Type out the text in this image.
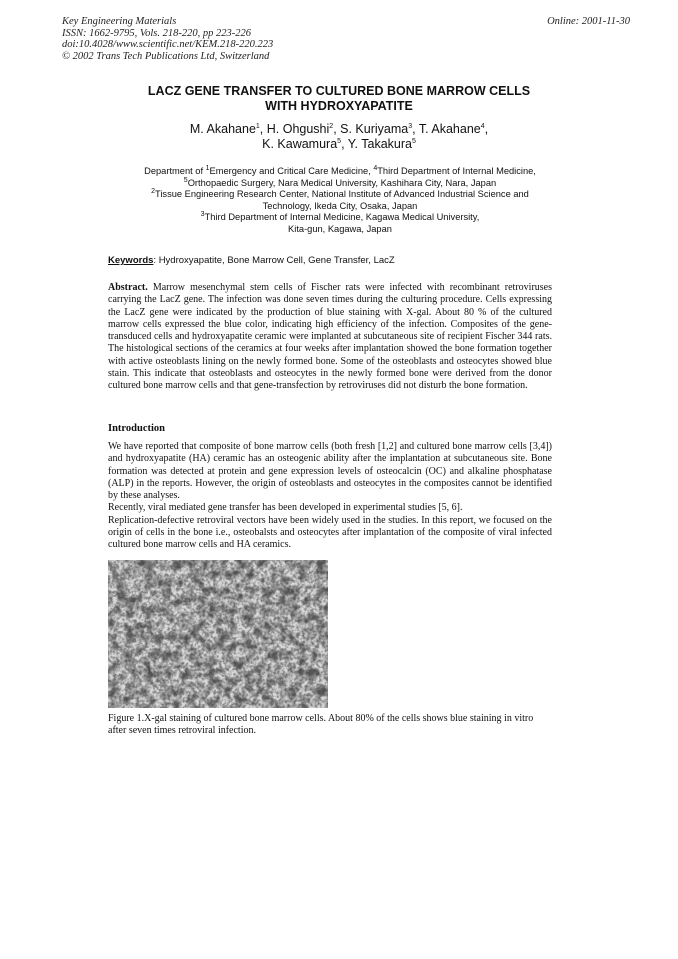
Key Engineering Materials
ISSN: 1662-9795, Vols. 218-220, pp 223-226
doi:10.4028/www.scientific.net/KEM.218-220.223
© 2002 Trans Tech Publications Ltd, Switzerland
Online: 2001-11-30
LACZ GENE TRANSFER TO CULTURED BONE MARROW CELLS
WITH HYDROXYAPATITE
M. Akahane$^1$, H. Ohgushi$^2$, S. Kuriyama$^3$, T. Akahane$^4$,
K. Kawamura$^5$, Y. Takakura$^5$
Department of $^1$Emergency and Critical Care Medicine, $^4$Third Department of Internal Medicine,
$^5$Orthopaedic Surgery, Nara Medical University, Kashihara City, Nara, Japan
$^2$Tissue Engineering Research Center, National Institute of Advanced Industrial Science and
Technology, Ikeda City, Osaka, Japan
$^3$Third Department of Internal Medicine, Kagawa Medical University,
Kita-gun, Kagawa, Japan
Keywords: Hydroxyapatite, Bone Marrow Cell, Gene Transfer, LacZ
Abstract. Marrow mesenchymal stem cells of Fischer rats were infected with recombinant retroviruses carrying the LacZ gene. The infection was done seven times during the culturing procedure. Cells expressing the LacZ gene were indicated by the production of blue staining with X-gal. About 80 % of the cultured marrow cells expressed the blue color, indicating high efficiency of the infection. Composites of the gene-transduced cells and hydroxyapatite ceramic were implanted at subcutaneous site of recipient Fischer 344 rats. The histological sections of the ceramics at four weeks after implantation showed the bone formation together with active osteoblasts lining on the newly formed bone. Some of the osteoblasts and osteocytes showed blue stain. This indicate that osteoblasts and osteocytes in the newly formed bone were derived from the donor cultured bone marrow cells and that gene-transfection by retroviruses did not disturb the bone formation.
Introduction

We have reported that composite of bone marrow cells (both fresh [1,2] and cultured bone marrow cells [3,4]) and hydroxyapatite (HA) ceramic has an osteogenic ability after the implantation at subcutaneous site. Bone formation was detected at protein and gene expression levels of osteocalcin (OC) and alkaline phosphatase (ALP) in the reports. However, the origin of osteoblasts and osteocytes in the composites cannot be identified by these analyses.

Recently, viral mediated gene transfer has been developed in experimental studies [5, 6].

Replication-defective retroviral vectors have been widely used in the studies. In this report, we focused on the origin of cells in the bone i.e., osteobalsts and osteocytes after implantation of the composite of viral infected cultured bone marrow cells and HA ceramics.

Figure 1.X-gal staining of cultured bone marrow cells. About 80% of the cells shows blue staining in vitro after seven times retroviral infection.
